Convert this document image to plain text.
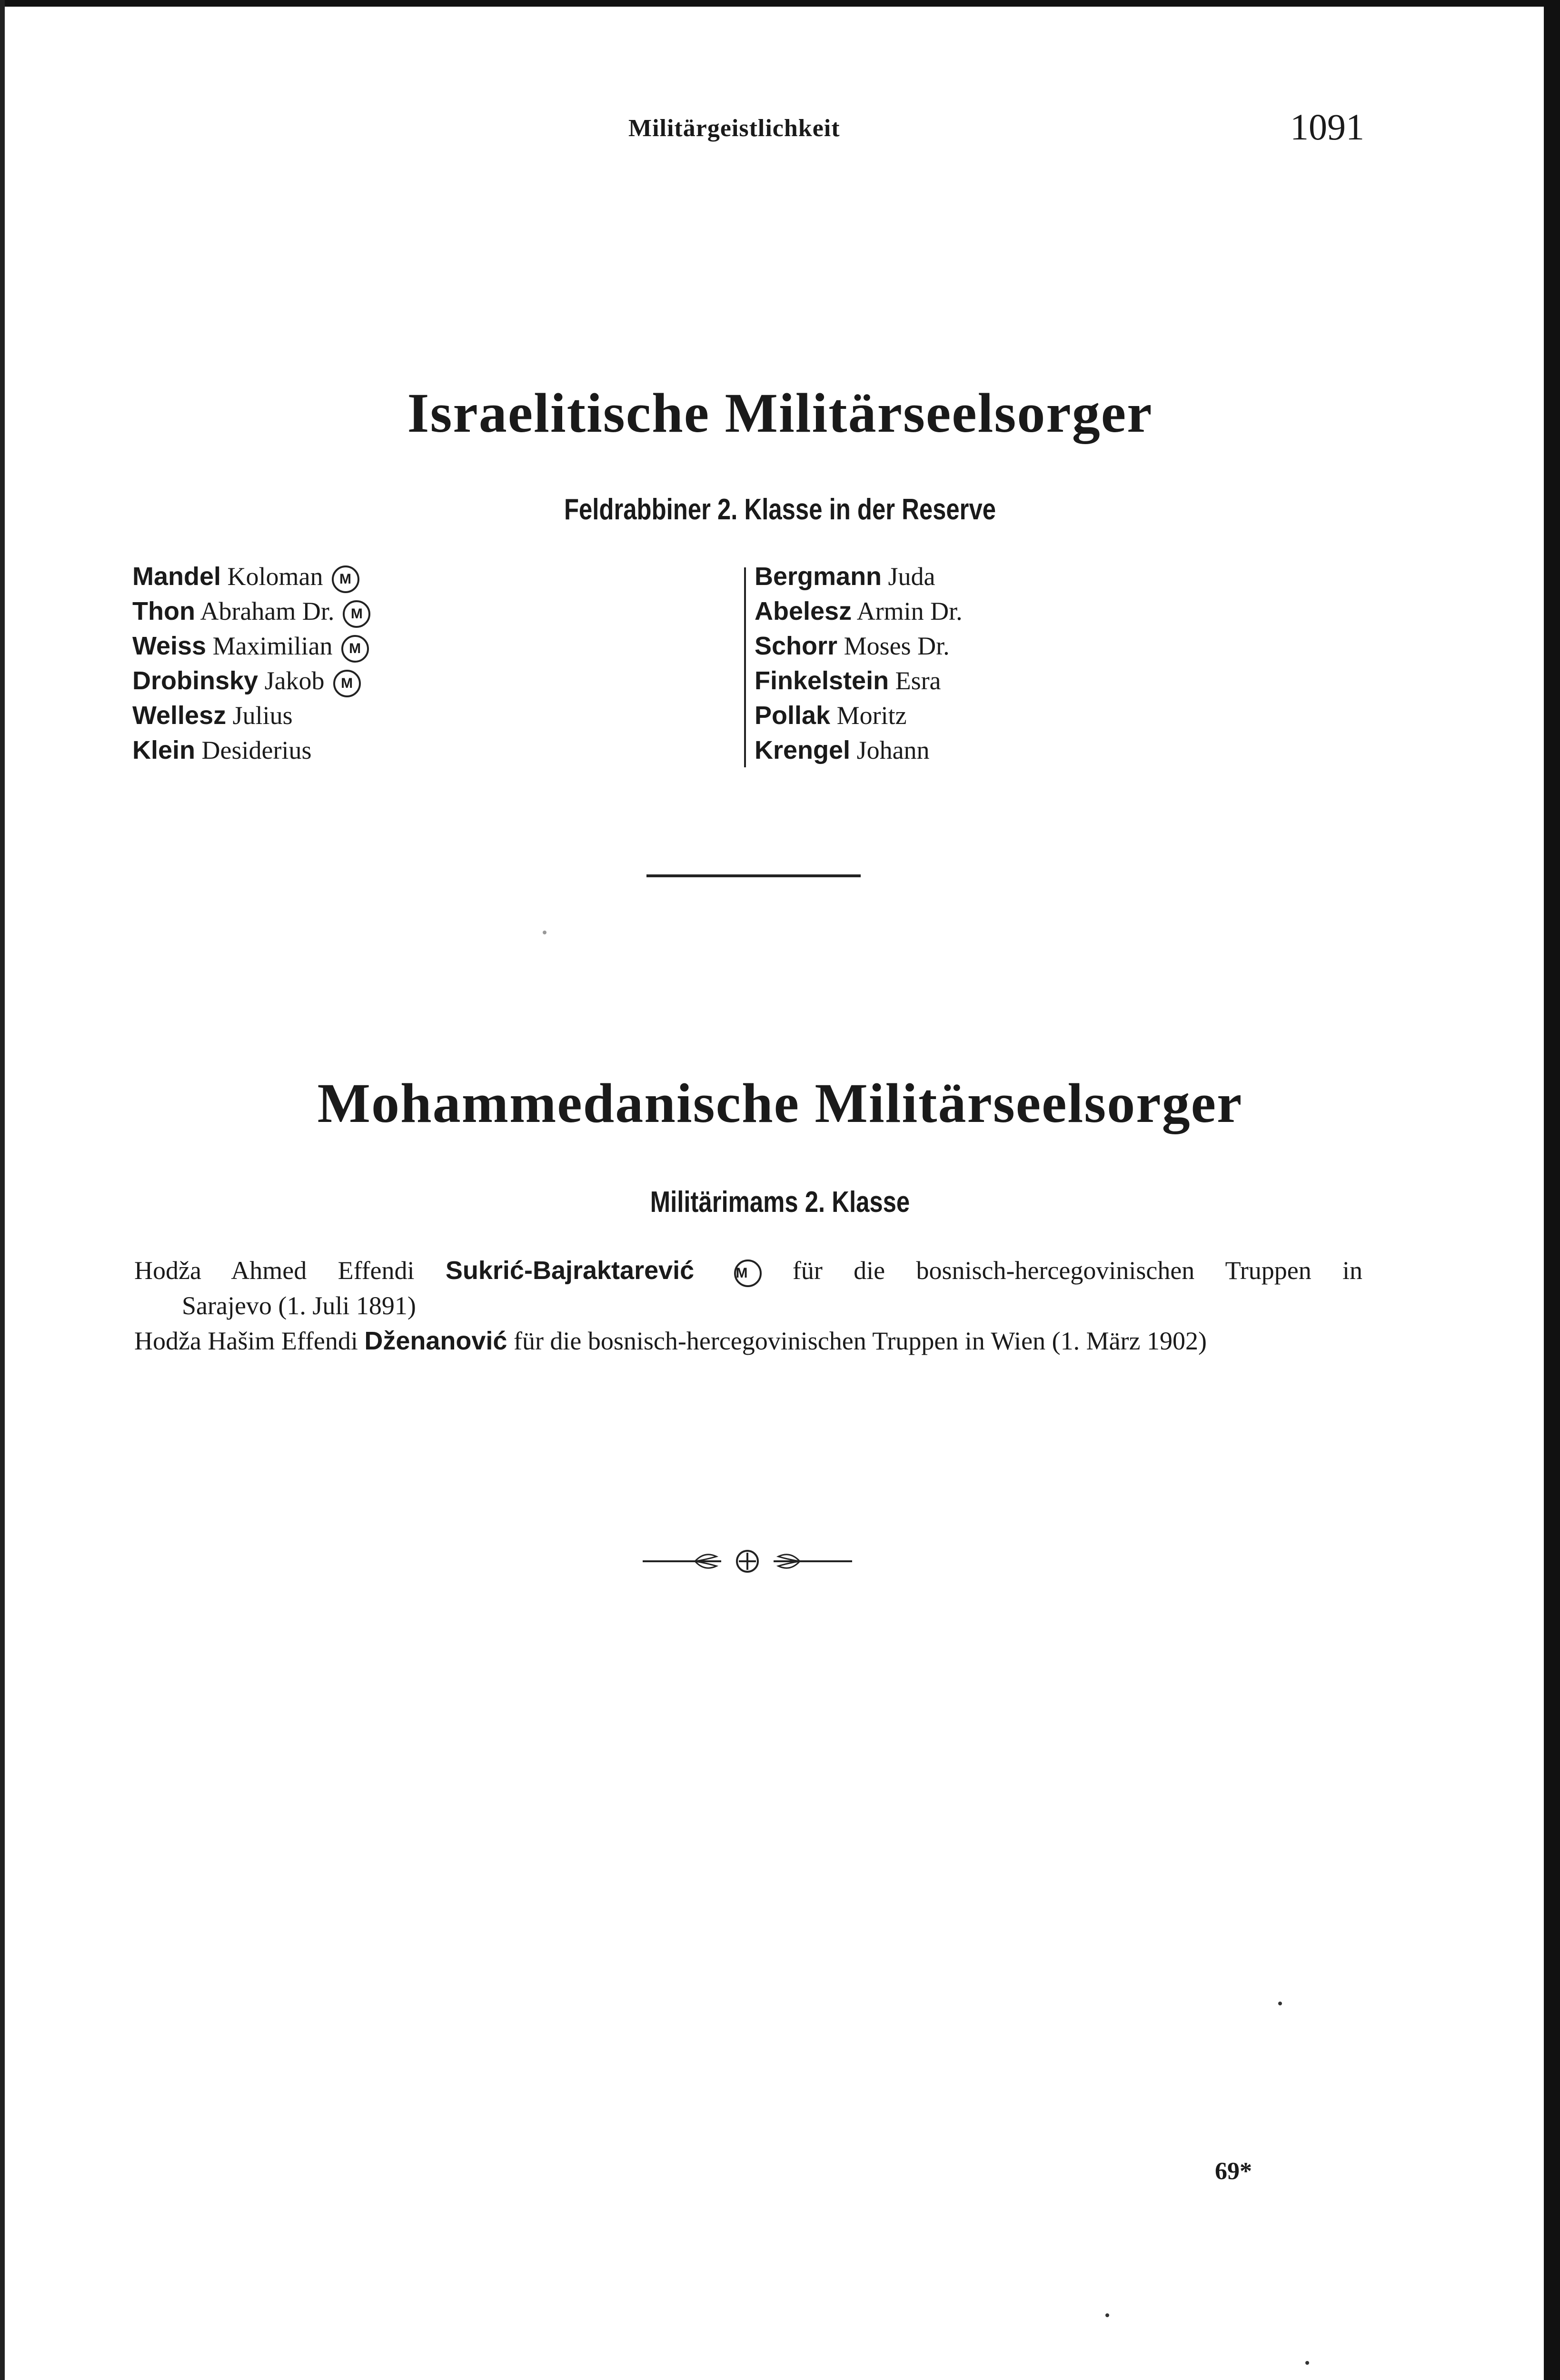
Militärgeistlichkeit	1091
Israelitische Militärseelsorger
Feldrabbiner 2. Klasse in der Reserve
Mandel Koloman M
Thon Abraham Dr. M
Weiss Maximilian M
Drobinsky Jakob M
Wellesz Julius
Klein Desiderius
Bergmann Juda
Abelesz Armin Dr.
Schorr Moses Dr.
Finkelstein Esra
Pollak Moritz
Krengel Johann
Mohammedanische Militärseelsorger
Militärimams 2. Klasse
Hodža Ahmed Effendi Sukrić-Bajraktarević	M für die bosnisch-hercegovinischen Truppen in
Sarajevo (1. Juli 1891)
Hodža Hašim Effendi Dženanović für die bosnisch-hercegovinischen Truppen in Wien (1. März 1902)
69*
